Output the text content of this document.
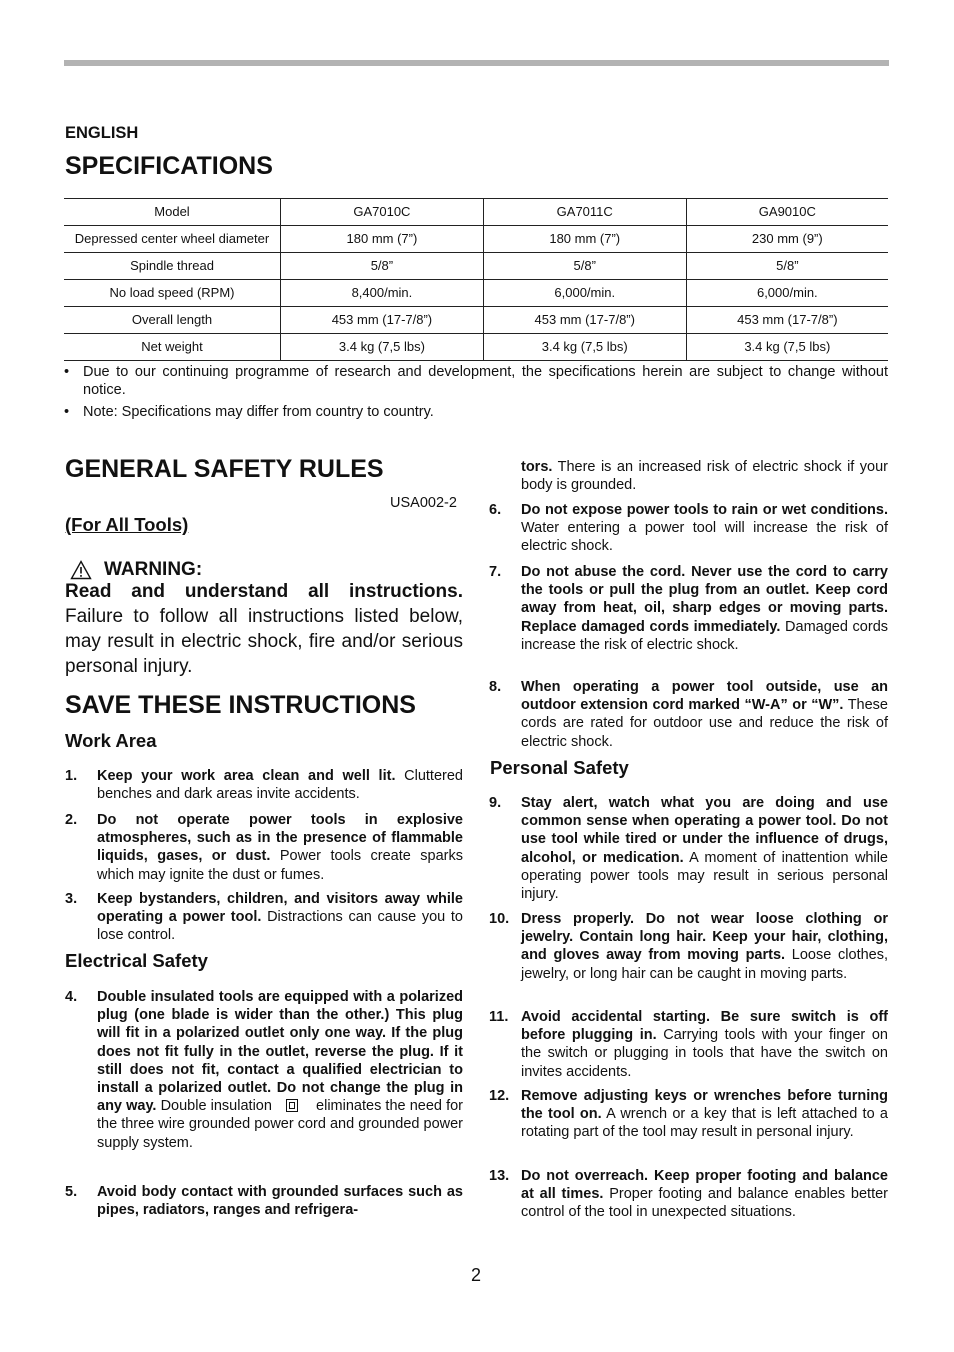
ENGLISH
SPECIFICATIONS
Model	GA7010C	GA7011C	GA9010C
Depressed center wheel diameter	180 mm (7”)	180 mm (7”)	230 mm (9”)
Spindle thread	5/8”	5/8”	5/8”
No load speed (RPM)	8,400/min.	6,000/min.	6,000/min.
Overall length	453 mm (17-7/8”)	453 mm (17-7/8”)	453 mm (17-7/8”)
Net weight	3.4 kg (7,5 lbs)	3.4 kg (7,5 lbs)	3.4 kg (7,5 lbs)
• Due to our continuing programme of research and development, the specifications herein are subject to change without notice.
• Note: Specifications may differ from country to country.
GENERAL SAFETY RULES
USA002-2
(For All Tools)
WARNING:
Read and understand all instructions. Failure to follow all instructions listed below, may result in electric shock, fire and/or serious personal injury.
SAVE THESE INSTRUCTIONS
Work Area
1. Keep your work area clean and well lit. Cluttered benches and dark areas invite accidents.
2. Do not operate power tools in explosive atmospheres, such as in the presence of flammable liquids, gases, or dust. Power tools create sparks which may ignite the dust or fumes.
3. Keep bystanders, children, and visitors away while operating a power tool. Distractions can cause you to lose control.
Electrical Safety
4. Double insulated tools are equipped with a polarized plug (one blade is wider than the other.) This plug will fit in a polarized outlet only one way. If the plug does not fit fully in the outlet, reverse the plug. If it still does not fit, contact a qualified electrician to install a polarized outlet. Do not change the plug in any way. Double insulation	eliminates the need for the three wire grounded power cord and grounded power supply system.
5. Avoid body contact with grounded surfaces such as pipes, radiators, ranges and refrigera-
tors. There is an increased risk of electric shock if your body is grounded.
6. Do not expose power tools to rain or wet conditions. Water entering a power tool will increase the risk of electric shock.
7. Do not abuse the cord. Never use the cord to carry the tools or pull the plug from an outlet. Keep cord away from heat, oil, sharp edges or moving parts. Replace damaged cords immediately. Damaged cords increase the risk of electric shock.
8. When operating a power tool outside, use an outdoor extension cord marked “W-A” or “W”. These cords are rated for outdoor use and reduce the risk of electric shock.
Personal Safety
9. Stay alert, watch what you are doing and use common sense when operating a power tool. Do not use tool while tired or under the influence of drugs, alcohol, or medication. A moment of inattention while operating power tools may result in serious personal injury.
10. Dress properly. Do not wear loose clothing or jewelry. Contain long hair. Keep your hair, clothing, and gloves away from moving parts. Loose clothes, jewelry, or long hair can be caught in moving parts.
11. Avoid accidental starting. Be sure switch is off before plugging in. Carrying tools with your finger on the switch or plugging in tools that have the switch on invites accidents.
12. Remove adjusting keys or wrenches before turning the tool on. A wrench or a key that is left attached to a rotating part of the tool may result in personal injury.
13. Do not overreach. Keep proper footing and balance at all times. Proper footing and balance enables better control of the tool in unexpected situations.
2
